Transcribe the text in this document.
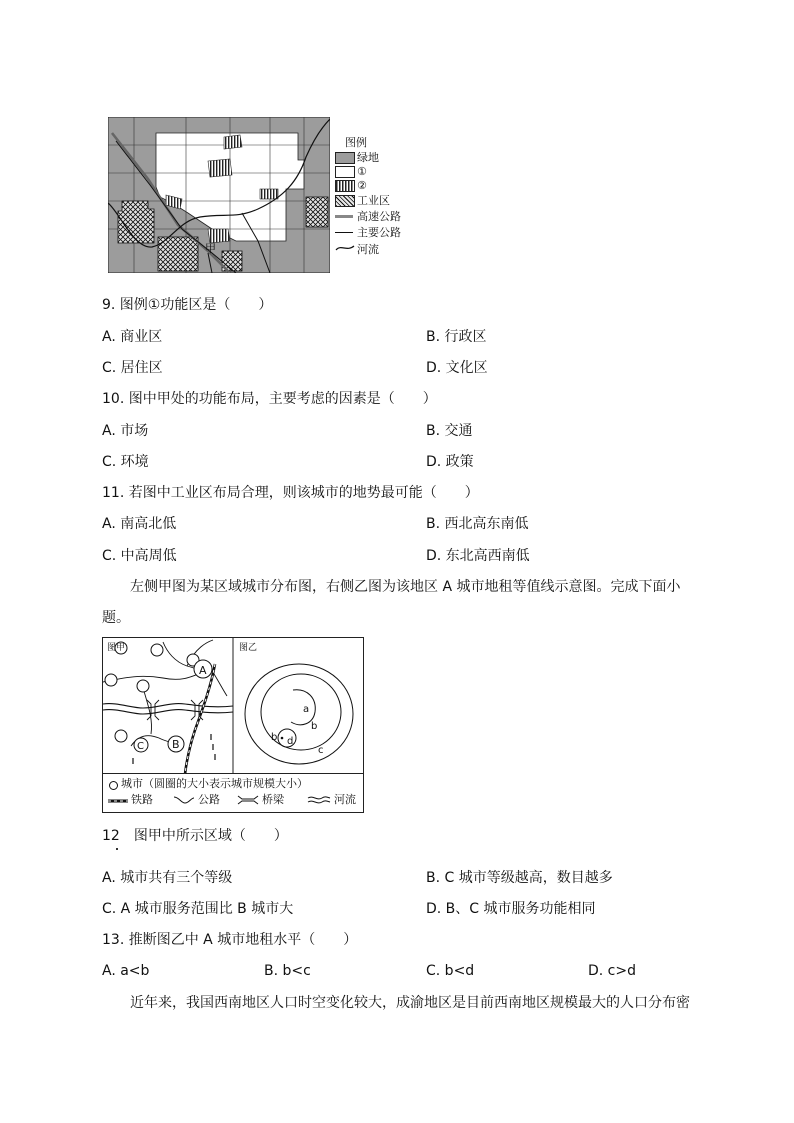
甲
图例
绿地
①
②
工业区
高速公路
主要公路
河流
9. 图例①功能区是（　　）
A. 商业区	B. 行政区
C. 居住区	D. 文化区
10. 图中甲处的功能布局，主要考虑的因素是（　　）
A. 市场	B. 交通
C. 环境	D. 政策
11. 若图中工业区布局合理，则该城市的地势最可能（　　）
A. 南高北低	B. 西北高东南低
C. 中高周低	D. 东北高西南低
左侧甲图为某区域城市分布图，右侧乙图为该地区 A 城市地租等值线示意图。完成下面小
题。
A
B
C
图甲	图乙
a
b
b d
c
城市（圆圈的大小表示城市规模大小）
铁路	公路	桥梁	河流
12　图甲中所示区域（　　）
A. 城市共有三个等级	B. C 城市等级越高，数目越多
C. A 城市服务范围比 B 城市大	D. B、C 城市服务功能相同
13. 推断图乙中 A 城市地租水平（　　）
A. a<b	B. b<c	C. b<d	D. c>d
近年来，我国西南地区人口时空变化较大，成渝地区是目前西南地区规模最大的人口分布密
